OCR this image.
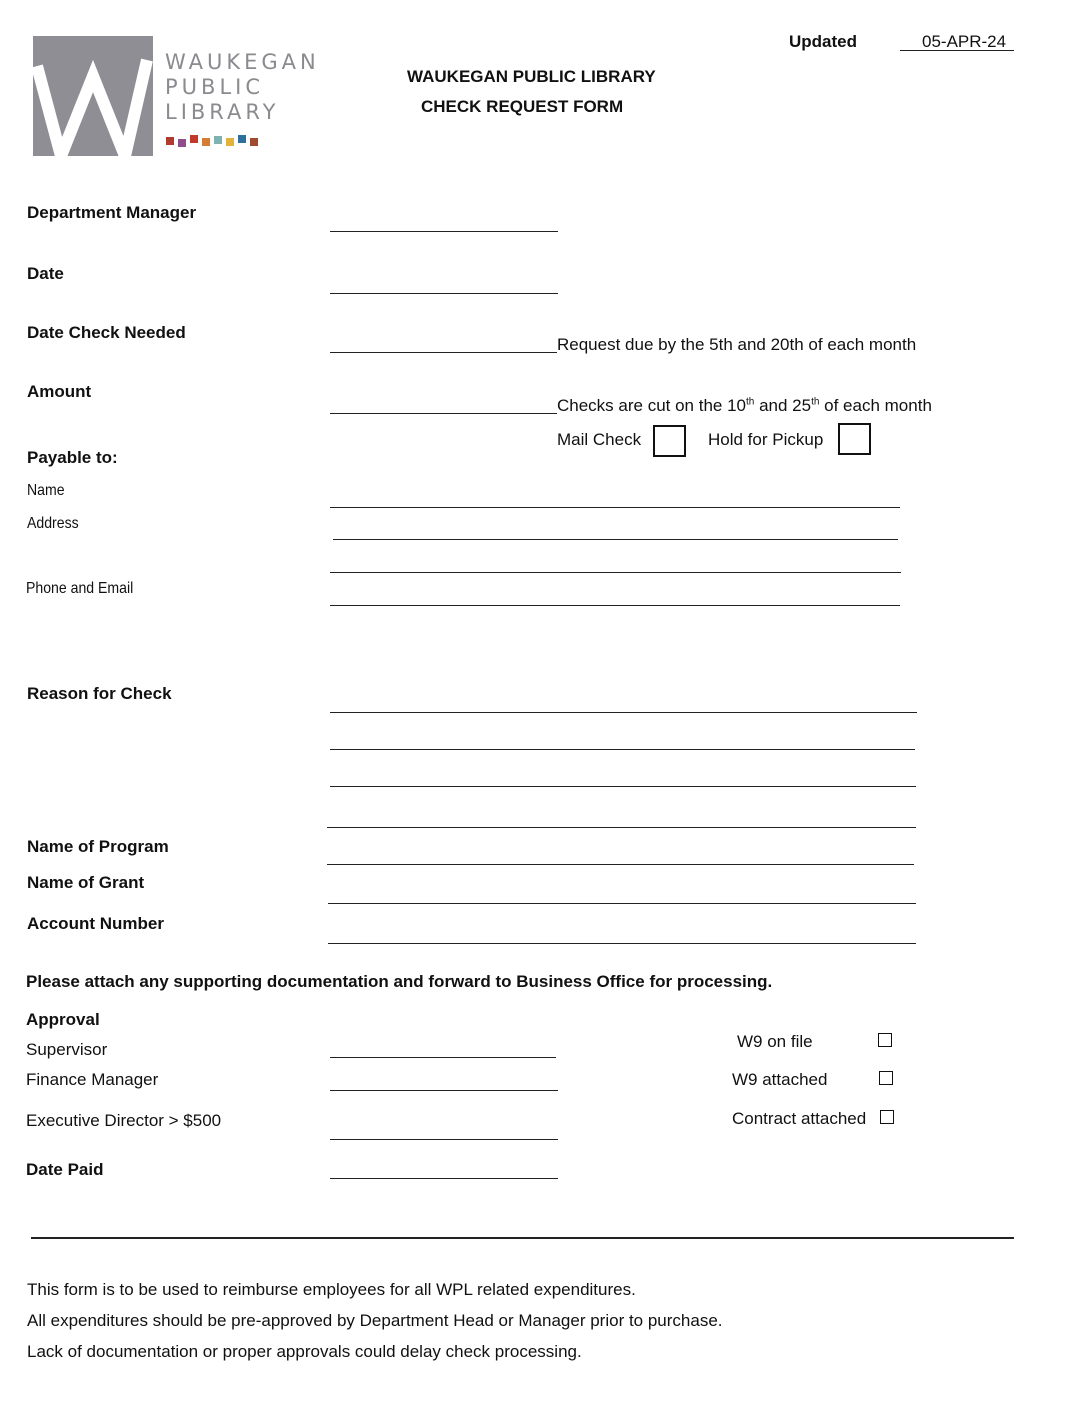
WAUKEGAN
PUBLIC
LIBRARY
Updated	05-APR-24
WAUKEGAN PUBLIC LIBRARY
CHECK REQUEST FORM
Department Manager
Date
Date Check Needed
Request due by the 5th and 20th of each month
Amount
Checks are cut on the 10th and 25th of each month
Mail Check	Hold for Pickup
Payable to:
Name
Address
Phone and Email
Reason for Check
Name of Program
Name of Grant
Account Number
Please attach any supporting documentation and forward to Business Office for processing.
Approval
Supervisor
Finance Manager
Executive Director > $500
Date Paid
W9 on file
W9 attached
Contract attached
This form is to be used to reimburse employees for all WPL related expenditures.
All expenditures should be pre-approved by Department Head or Manager prior to purchase.
Lack of documentation or proper approvals could delay check processing.
